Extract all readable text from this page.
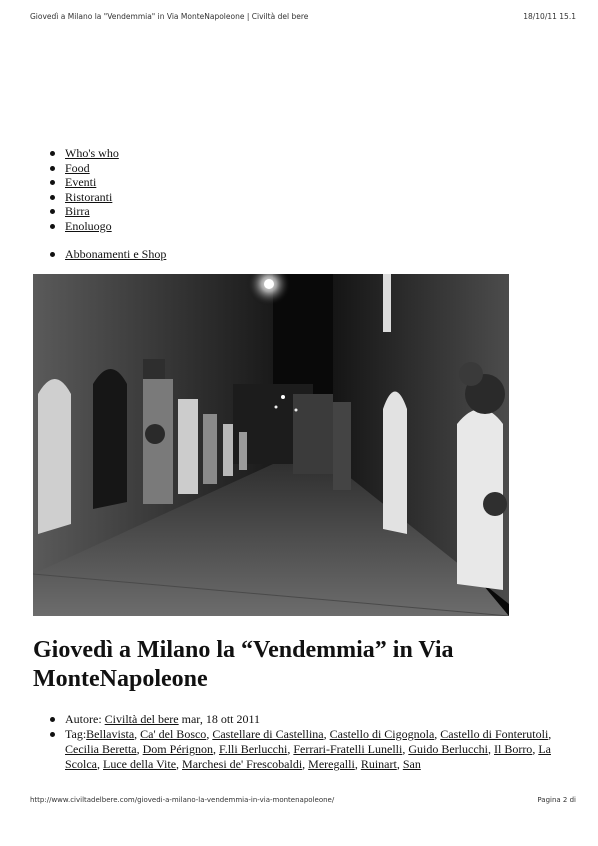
Giovedì a Milano la "Vendemmia" in Via MonteNapoleone | Civiltà del bere	18/10/11 15.1
Who's who
Food
Eventi
Ristoranti
Birra
Enoluogo
Abbonamenti e Shop
Giovedì a Milano la “Vendemmia” in Via MonteNapoleone
Autore: Civiltà del bere mar, 18 ott 2011
Tag:Bellavista, Ca' del Bosco, Castellare di Castellina, Castello di Cigognola, Castello di Fonterutoli, Cecilia Beretta, Dom Pérignon, F.lli Berlucchi, Ferrari-Fratelli Lunelli, Guido Berlucchi, Il Borro, La Scolca, Luce della Vite, Marchesi de' Frescobaldi, Meregalli, Ruinart, San
http://www.civiltadelbere.com/giovedi-a-milano-la-vendemmia-in-via-montenapoleone/	Pagina 2 di
